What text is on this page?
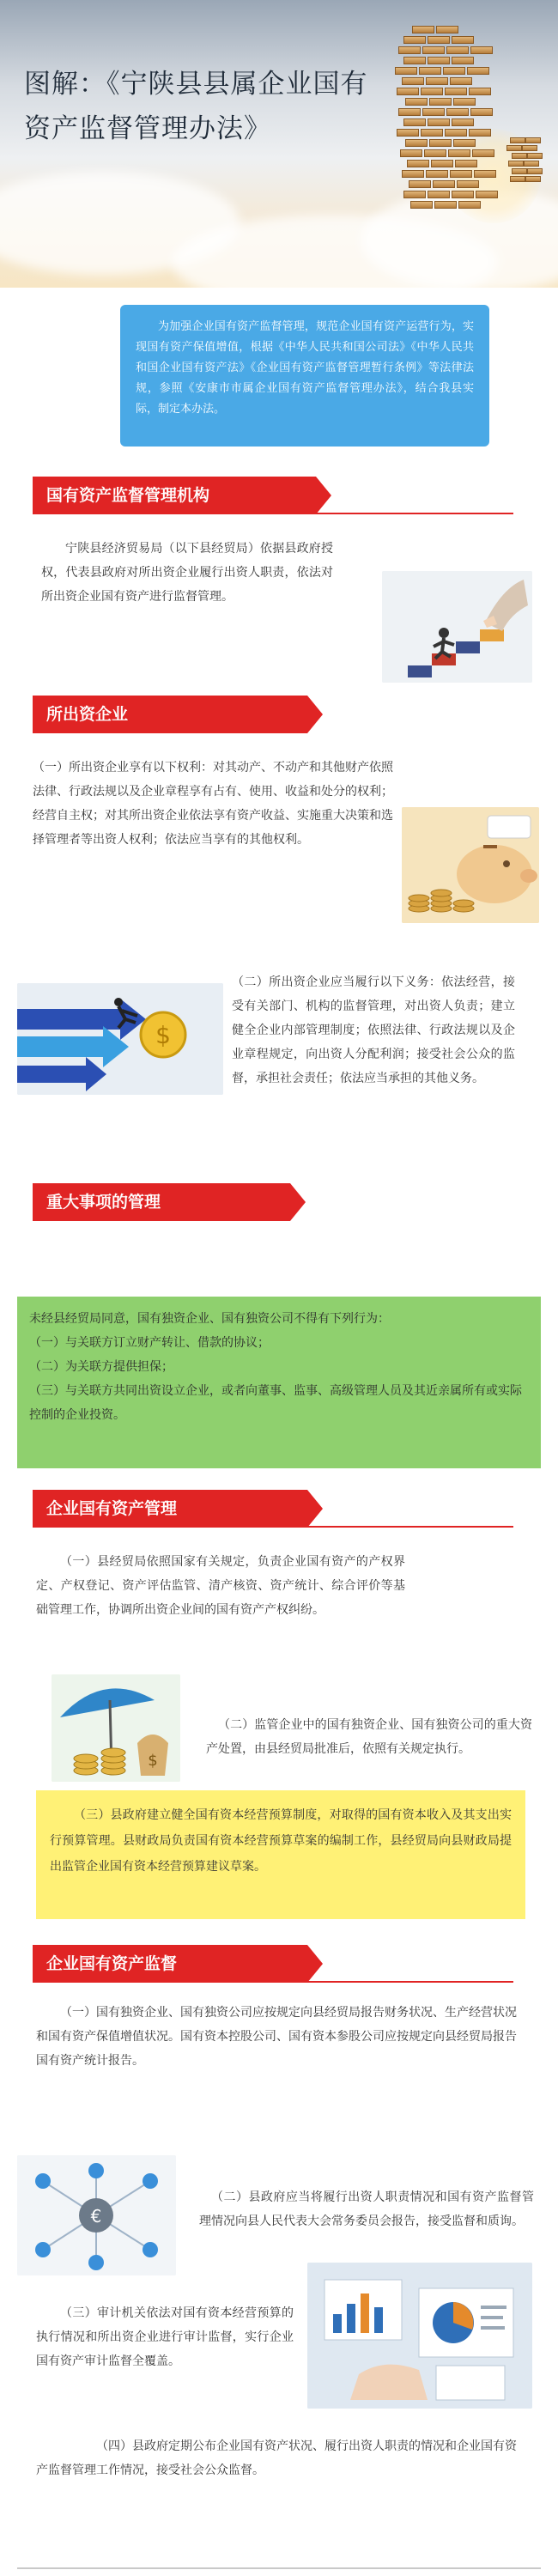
图解：《宁陕县县属企业国有资产监督管理办法》

为加强企业国有资产监督管理，规范企业国有资产运营行为，实现国有资产保值增值，根据《中华人民共和国公司法》《中华人民共和国企业国有资产法》《企业国有资产监督管理暂行条例》等法律法规，参照《安康市市属企业国有资产监督管理办法》，结合我县实际，制定本办法。

国有资产监督管理机构

宁陕县经济贸易局（以下县经贸局）依据县政府授权，代表县政府对所出资企业履行出资人职责，依法对所出资企业国有资产进行监督管理。

所出资企业

（一）所出资企业享有以下权利：对其动产、不动产和其他财产依照法律、行政法规以及企业章程享有占有、使用、收益和处分的权利；经营自主权；对其所出资企业依法享有资产收益、实施重大决策和选择管理者等出资人权利；依法应当享有的其他权利。

$

（二）所出资企业应当履行以下义务：依法经营，接受有关部门、机构的监督管理，对出资人负责；建立健全企业内部管理制度；依照法律、行政法规以及企业章程规定，向出资人分配利润；接受社会公众的监督，承担社会责任；依法应当承担的其他义务。

重大事项的管理

未经县经贸局同意，国有独资企业、国有独资公司不得有下列行为：

（一）与关联方订立财产转让、借款的协议；

（二）为关联方提供担保；

（三）与关联方共同出资设立企业，或者向董事、监事、高级管理人员及其近亲属所有或实际控制的企业投资。

企业国有资产管理

（一）县经贸局依照国家有关规定，负责企业国有资产的产权界定、产权登记、资产评估监管、清产核资、资产统计、综合评价等基础管理工作，协调所出资企业间的国有资产产权纠纷。

$

（二）监管企业中的国有独资企业、国有独资公司的重大资产处置，由县经贸局批准后，依照有关规定执行。

（三）县政府建立健全国有资本经营预算制度，对取得的国有资本收入及其支出实行预算管理。县财政局负责国有资本经营预算草案的编制工作，县经贸局向县财政局提出监管企业国有资本经营预算建议草案。

企业国有资产监督

（一）国有独资企业、国有独资公司应按规定向县经贸局报告财务状况、生产经营状况和国有资产保值增值状况。国有资本控股公司、国有资本参股公司应按规定向县经贸局报告国有资产统计报告。

€

（二）县政府应当将履行出资人职责情况和国有资产监督管理情况向县人民代表大会常务委员会报告，接受监督和质询。

（三）审计机关依法对国有资本经营预算的执行情况和所出资企业进行审计监督，实行企业国有资产审计监督全覆盖。

（四）县政府定期公布企业国有资产状况、履行出资人职责的情况和企业国有资产监督管理工作情况，接受社会公众监督。
